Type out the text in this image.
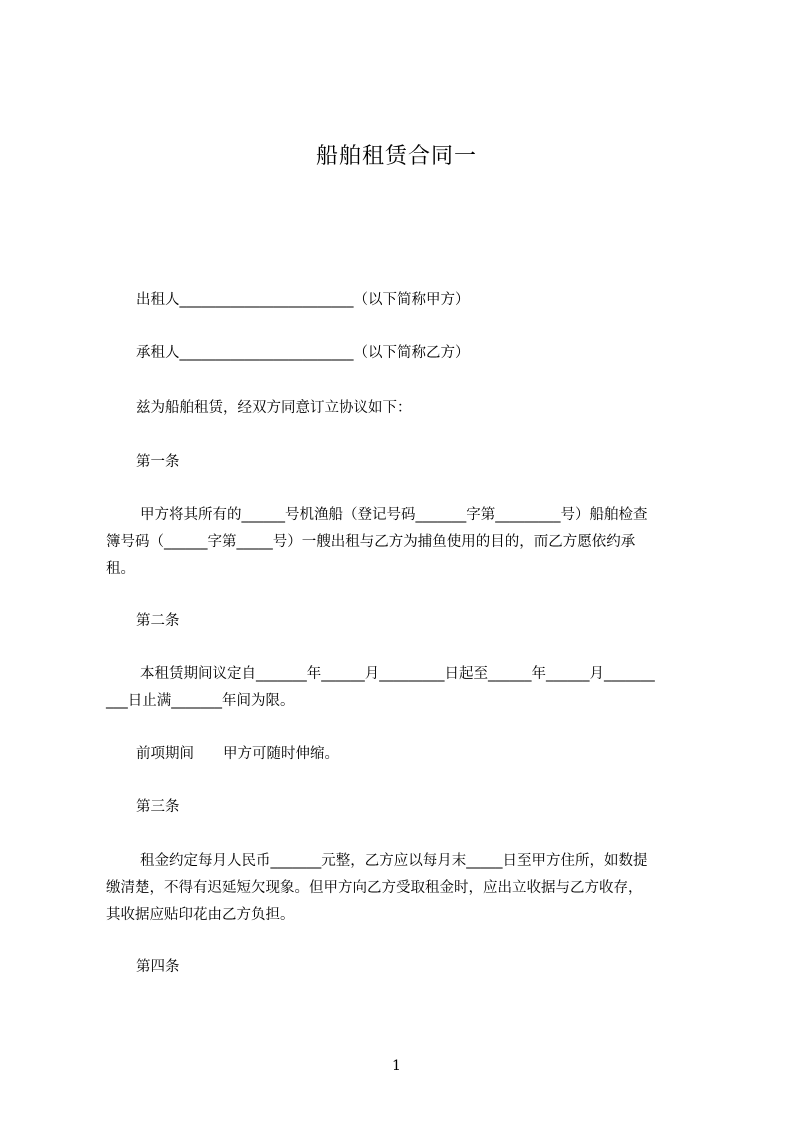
船舶租赁合同一
出租人________________________（以下简称甲方）
承租人________________________（以下简称乙方）
兹为船舶租赁，经双方同意订立协议如下：
第一条
甲方将其所有的______号机渔船（登记号码_______字第_________号）船舶检查
簿号码（______字第_____号）一艘出租与乙方为捕鱼使用的目的，而乙方愿依约承
租。
第二条
本租赁期间议定自_______年______月_________日起至______年______月_______
___日止满_______年间为限。
前项期间　　甲方可随时伸缩。
第三条
租金约定每月人民币_______元整，乙方应以每月末_____日至甲方住所，如数提
缴清楚，不得有迟延短欠现象。但甲方向乙方受取租金时，应出立收据与乙方收存，
其收据应贴印花由乙方负担。
第四条
1
